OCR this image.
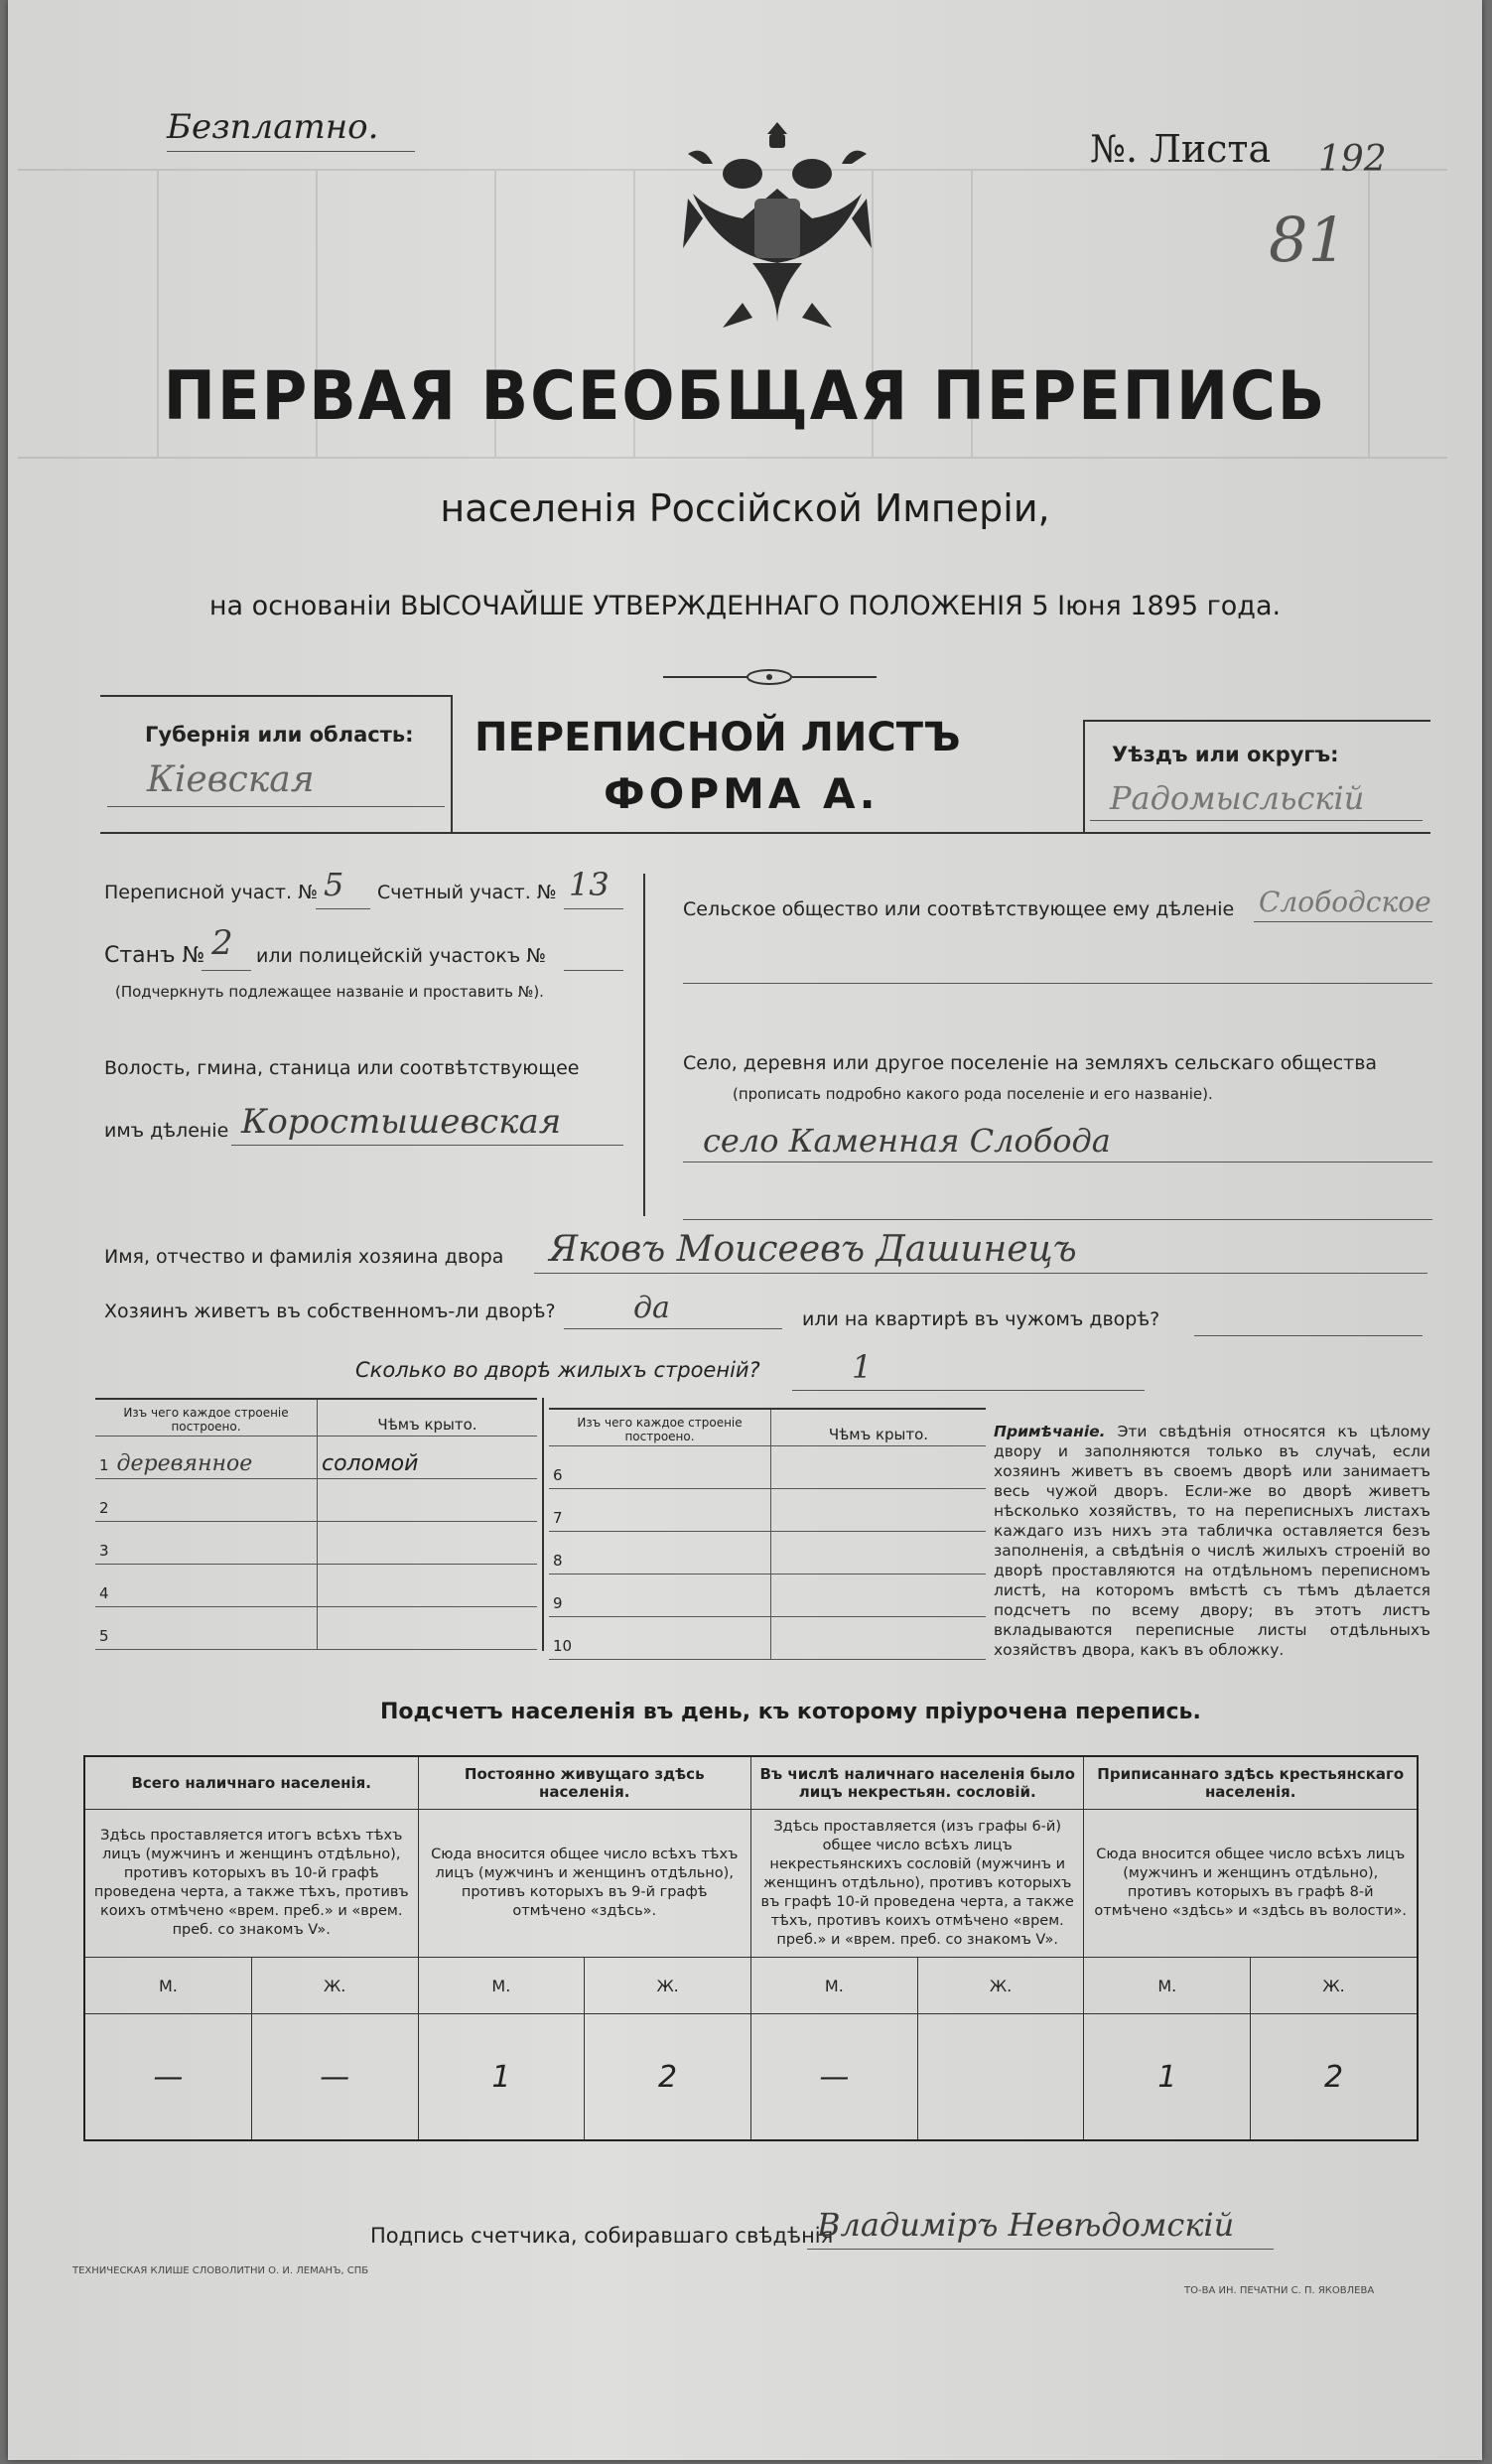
Безплатно.	№. Листа 192
81
ПЕРВАЯ ВСЕОБЩАЯ ПЕРЕПИСЬ
населенія Россійской Имперіи,
на основаніи ВЫСОЧАЙШЕ УТВЕРЖДЕННАГО ПОЛОЖЕНІЯ 5 Іюня 1895 года.
Губернія или область:
Кіевская
ПЕРЕПИСНОЙ ЛИСТЪ
ФОРМА А.
Уѣздъ или округъ:
Радомысльскій
Переписной участ. № 5 Счетный участ. № 13
Станъ № 2 или полицейскій участокъ №
(Подчеркнуть подлежащее названіе и проставить №).
Волость, гмина, станица или соотвѣтствующее
имъ дѣленіе Коростышевская
Сельское общество или соотвѣтствующее ему дѣленіе Слободское
Село, деревня или другое поселеніе на земляхъ сельскаго общества
(прописать подробно какого рода поселеніе и его названіе).
село Каменная Слобода
Имя, отчество и фамилія хозяина двора Яковъ Моисеевъ Дашинецъ
Хозяинъ живетъ въ собственномъ-ли дворѣ?	да	или на квартирѣ въ чужомъ дворѣ?
Сколько во дворѣ жилыхъ строеній?	1
Изъ чего каждое строеніе построено.	Чѣмъ крыто.
1 деревянное	соломой
2	
3	
4	
5	
Изъ чего каждое строеніе построено.	Чѣмъ крыто.
6	
7	
8	
9	
10	
Примѣчаніе. Эти свѣдѣнія относятся къ цѣлому двору и заполняются только въ случаѣ, если хозяинъ живетъ въ своемъ дворѣ или занимаетъ весь чужой дворъ. Если-же во дворѣ живетъ нѣсколько хозяйствъ, то на переписныхъ листахъ каждаго изъ нихъ эта табличка оставляется безъ заполненія, а свѣдѣнія о числѣ жилыхъ строеній во дворѣ проставляются на отдѣльномъ переписномъ листѣ, на которомъ вмѣстѣ съ тѣмъ дѣлается подсчетъ по всему двору; въ этотъ листъ вкладываются переписные листы отдѣльныхъ хозяйствъ двора, какъ въ обложку.
Подсчетъ населенія въ день, къ которому пріурочена перепись.
Всего наличнаго населенія.		Постоянно живущаго здѣсь населенія.		Въ числѣ наличнаго населенія было лицъ некрестьян. сословій.		Приписаннаго здѣсь крестьянскаго населенія.	
Здѣсь проставляется итогъ всѣхъ тѣхъ лицъ (мужчинъ и женщинъ отдѣльно), противъ которыхъ въ 10-й графѣ проведена черта, а также тѣхъ, противъ коихъ отмѣчено «врем. преб.» и «врем. преб. со знакомъ V».		Сюда вносится общее число всѣхъ тѣхъ лицъ (мужчинъ и женщинъ отдѣльно), противъ которыхъ въ 9-й графѣ отмѣчено «здѣсь».		Здѣсь проставляется (изъ графы 6-й) общее число всѣхъ лицъ некрестьянскихъ сословій (мужчинъ и женщинъ отдѣльно), противъ которыхъ въ графѣ 10-й проведена черта, а также тѣхъ, противъ коихъ отмѣчено «врем. преб.» и «врем. преб. со знакомъ V».		Сюда вносится общее число всѣхъ лицъ (мужчинъ и женщинъ отдѣльно), противъ которыхъ въ графѣ 8-й отмѣчено «здѣсь» и «здѣсь въ волости».	
М.	Ж.	М.	Ж.	М.	Ж.	М.	Ж.
—	—	1	2	—		1	2
Подпись счетчика, собиравшаго свѣдѣнія
Владиміръ Невѣдомскій
ТЕХНИЧЕСКАЯ КЛИШЕ СЛОВОЛИТНИ О. И. ЛЕМАНЪ, СПБ
ТО-ВА ИН. ПЕЧАТНИ С. П. ЯКОВЛЕВА
